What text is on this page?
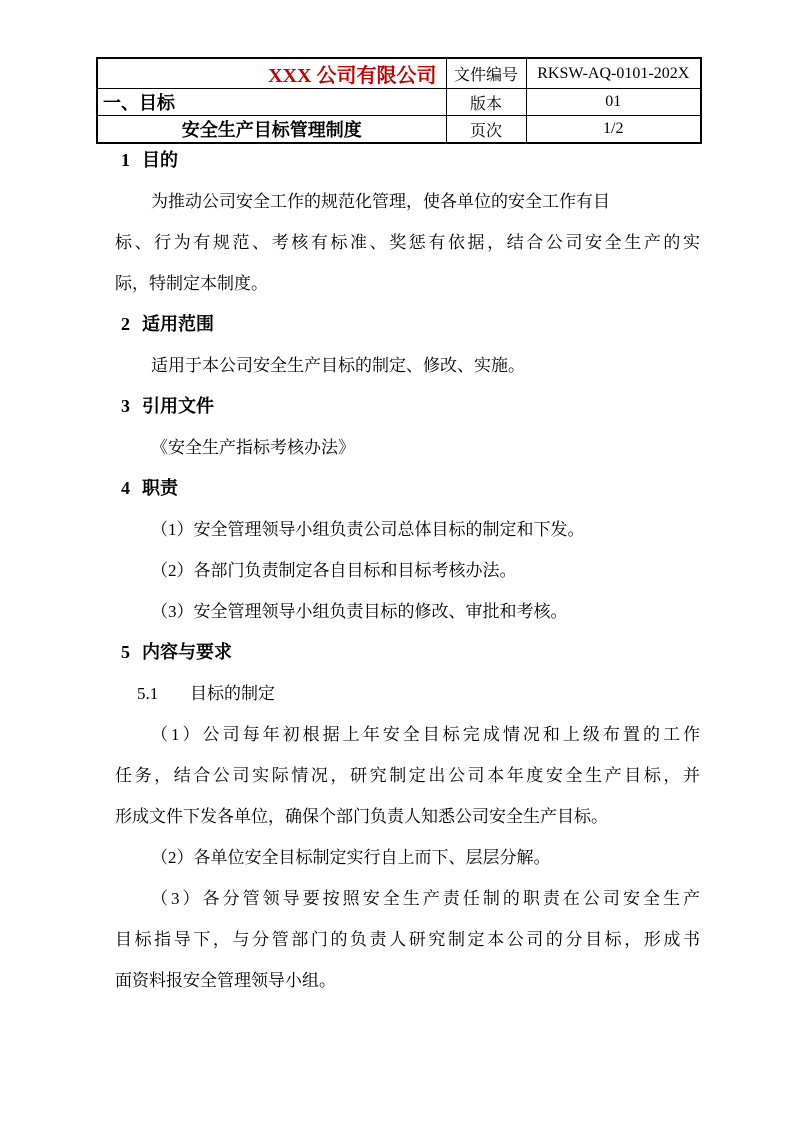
XXX 公司有限公司	文件编号	RKSW-AQ-0101-202X
一、目标	版本	01
安全生产目标管理制度	页次	1/2
1 目的
为推动公司安全工作的规范化管理，使各单位的安全工作有目
标、行为有规范、考核有标准、奖惩有依据，结合公司安全生产的实
际，特制定本制度。
2 适用范围
适用于本公司安全生产目标的制定、修改、实施。
3 引用文件
《安全生产指标考核办法》
4 职责
（1）安全管理领导小组负责公司总体目标的制定和下发。
（2）各部门负责制定各自目标和目标考核办法。
（3）安全管理领导小组负责目标的修改、审批和考核。
5 内容与要求
5.1 目标的制定
（1）公司每年初根据上年安全目标完成情况和上级布置的工作
任务，结合公司实际情况，研究制定出公司本年度安全生产目标，并
形成文件下发各单位，确保个部门负责人知悉公司安全生产目标。
（2）各单位安全目标制定实行自上而下、层层分解。
（3）各分管领导要按照安全生产责任制的职责在公司安全生产
目标指导下，与分管部门的负责人研究制定本公司的分目标，形成书
面资料报安全管理领导小组。
